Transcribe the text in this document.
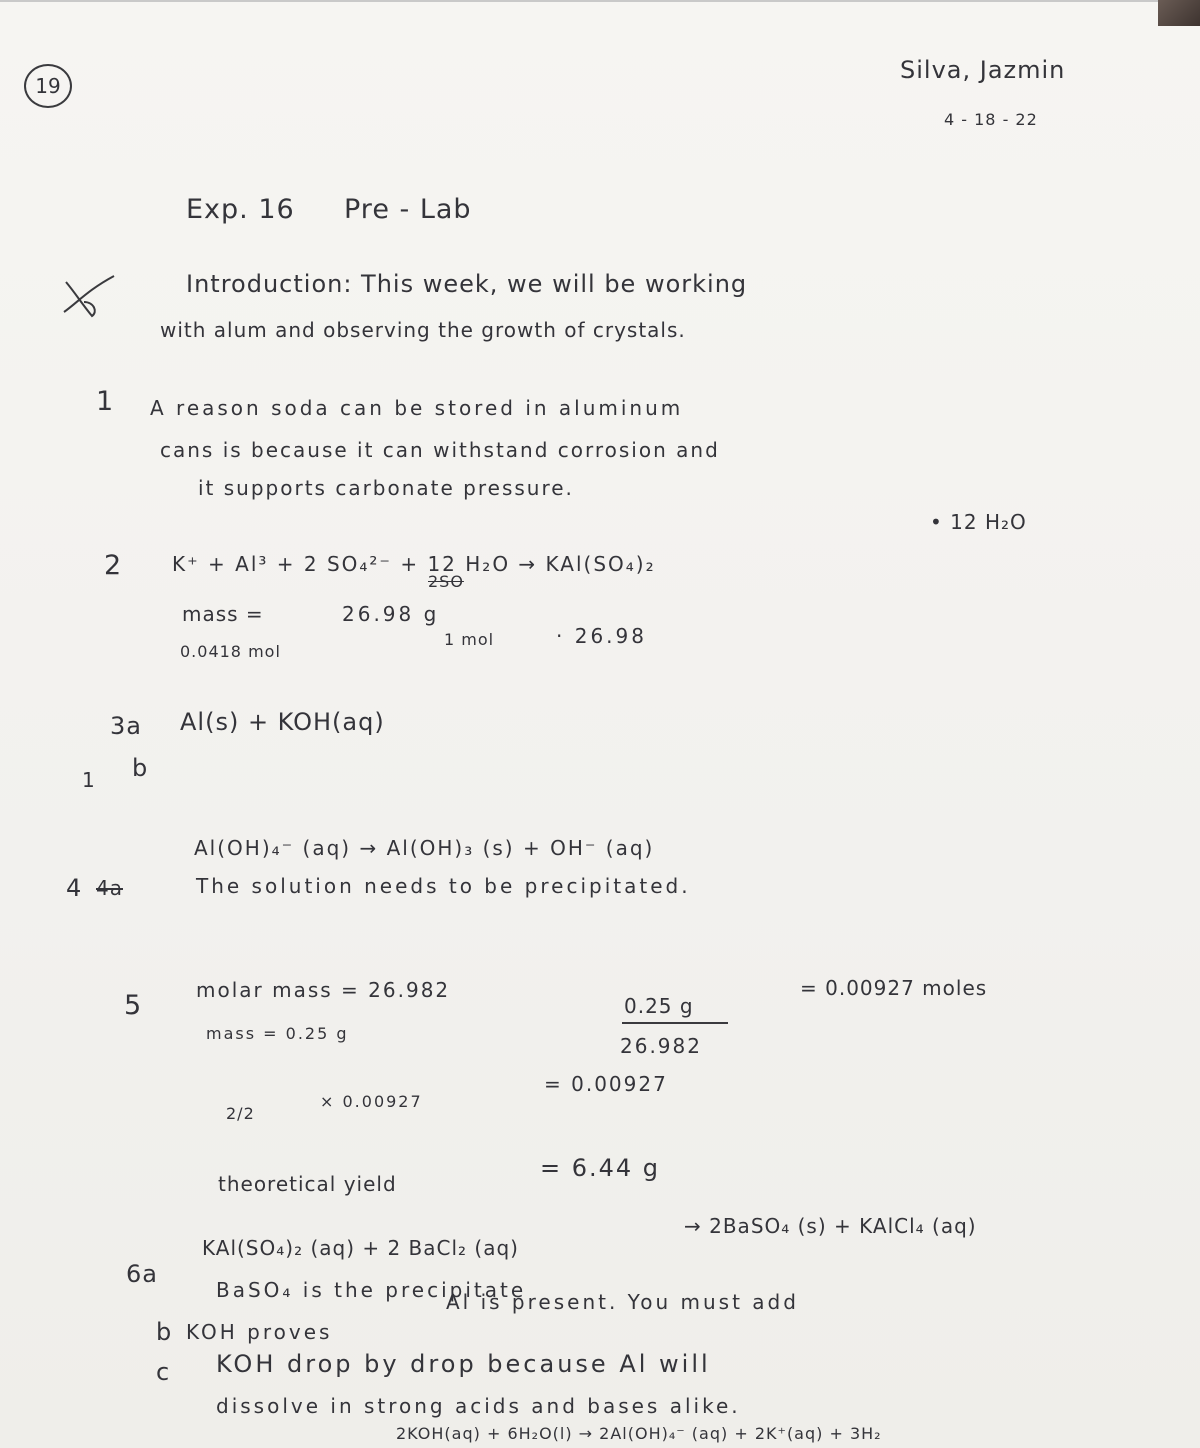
19
Silva, Jazmin
4 - 18 - 22
Exp. 16 Pre - Lab
Introduction: This week, we will be working
with alum and observing the growth of crystals.
1 A reason soda can be stored in aluminum
cans is because it can withstand corrosion and
it supports carbonate pressure.
2 K⁺ + Al³ + 2 SO₄²⁻ + 12 H₂O → KAl(SO₄)₂
• 12 H₂O
2SO
mass =	26.98 g
0.0418 mol
1 mol	· 26.98
3a Al(s) + KOH(aq)
1 b
4 4a
Al(OH)₄⁻ (aq) → Al(OH)₃ (s) + OH⁻ (aq)
The solution needs to be precipitated.
5	molar mass = 26.982
mass = 0.25 g
0.25 g
26.982
= 0.00927 moles
= 0.00927
2/2
× 0.00927
theoretical yield
= 6.44 g
6a
KAl(SO₄)₂ (aq) + 2 BaCl₂ (aq)
→ 2BaSO₄ (s) + KAlCl₄ (aq)
BaSO₄ is the precipitate
b KOH proves
Al is present. You must add
c KOH drop by drop because Al will
dissolve in strong acids and bases alike.
2KOH(aq) + 6H₂O(l) → 2Al(OH)₄⁻ (aq) + 2K⁺(aq) + 3H₂
